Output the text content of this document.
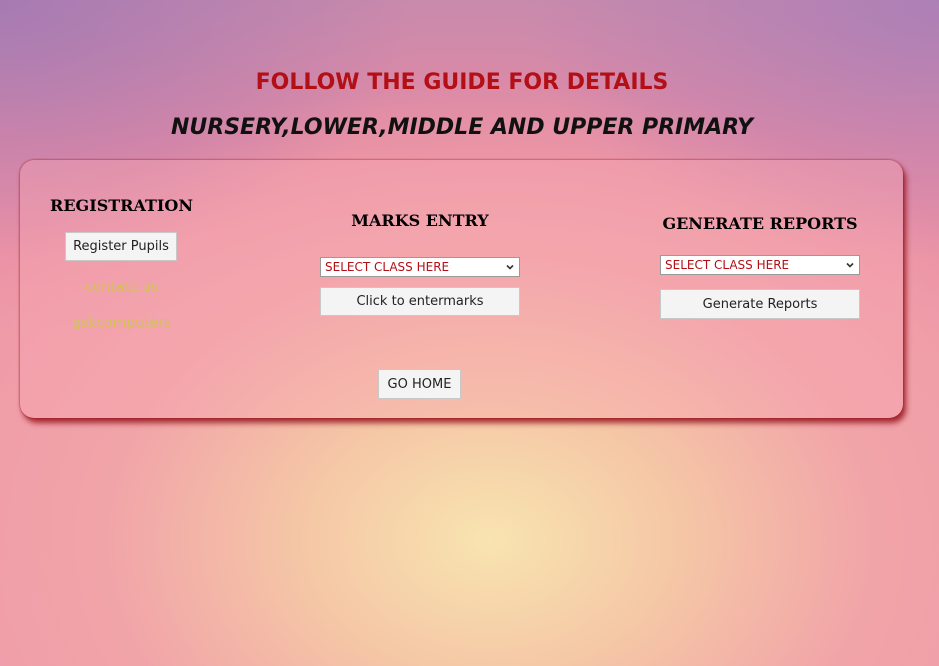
FOLLOW THE GUIDE FOR DETAILS
NURSERY,LOWER,MIDDLE AND UPPER PRIMARY
REGISTRATION
Register Pupils
contact us
gskcomputers
MARKS ENTRY
SELECT CLASS HERE
Click to entermarks
GENERATE REPORTS
SELECT CLASS HERE
Generate Reports
GO HOME
